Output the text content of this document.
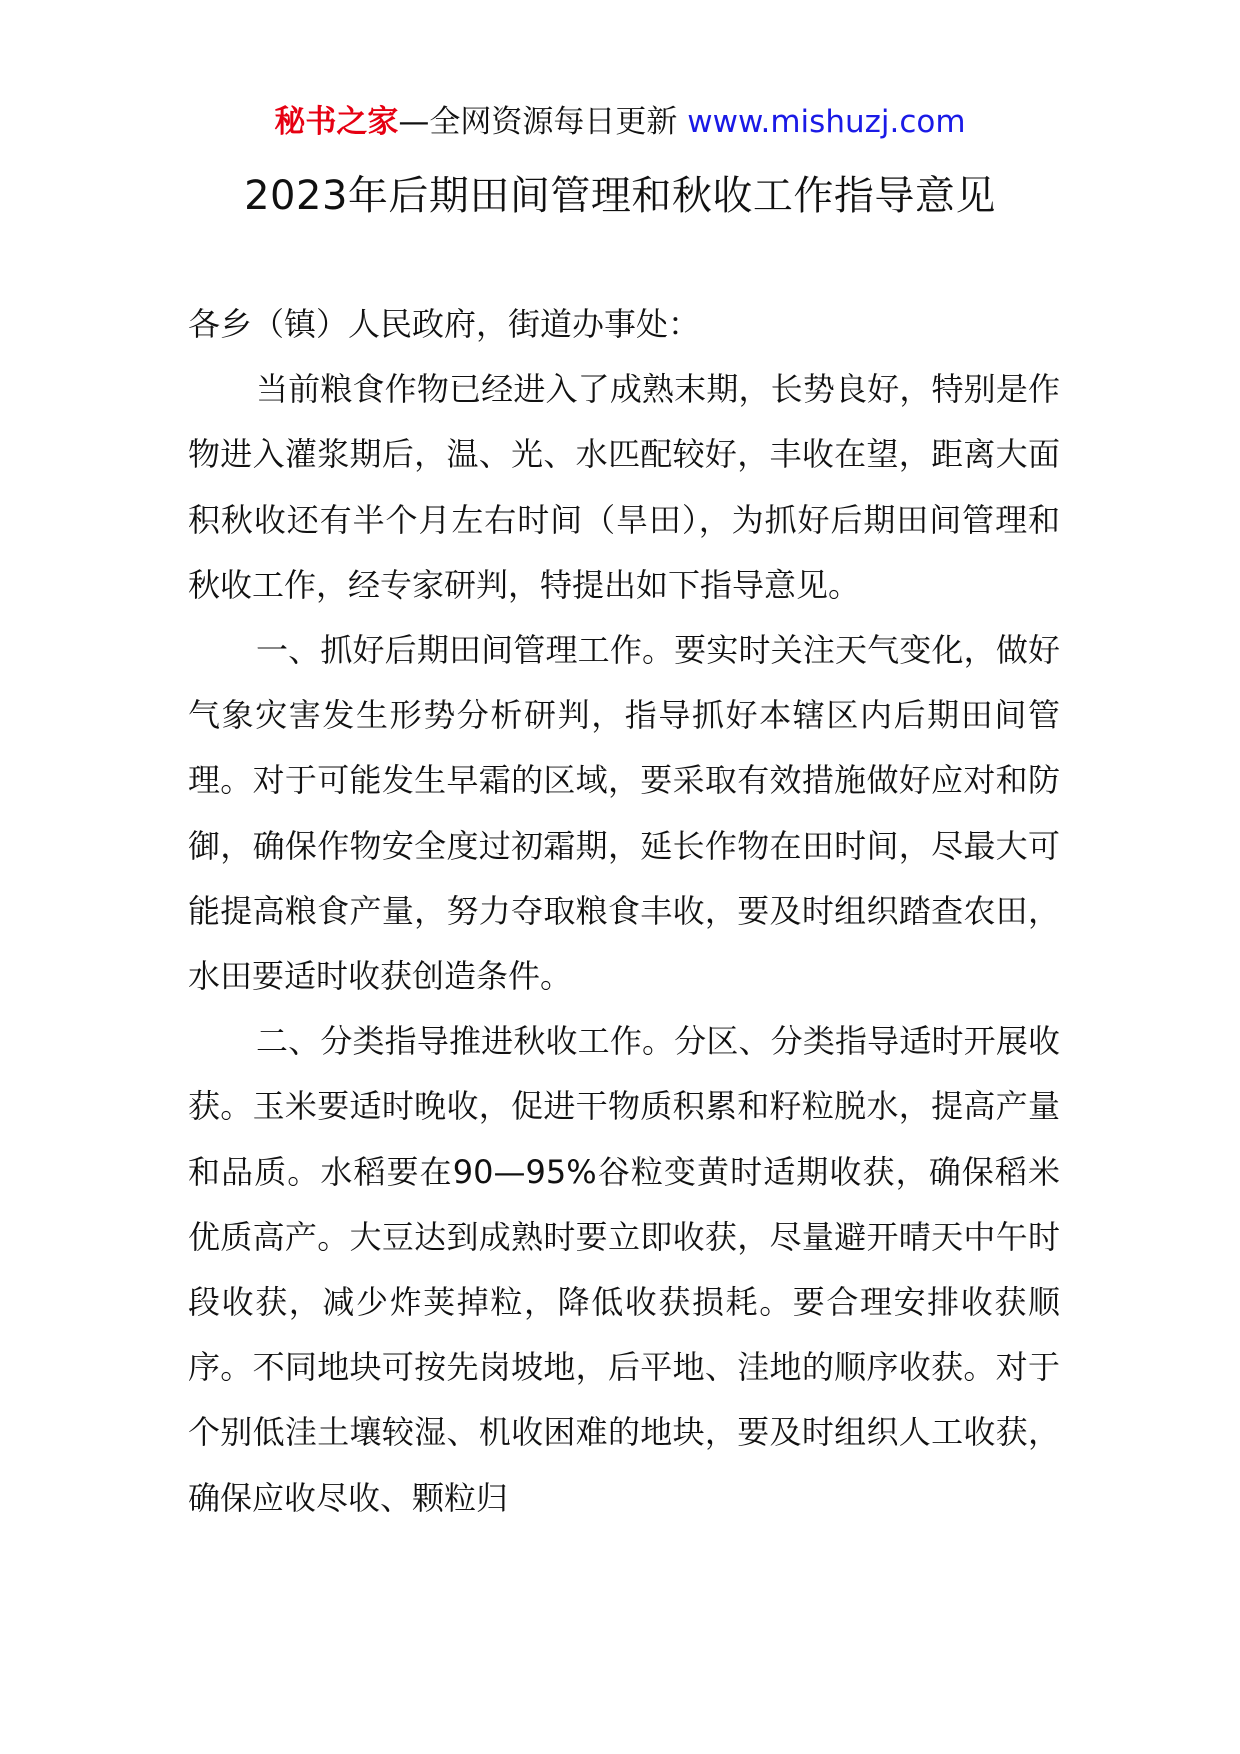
秘书之家—全网资源每日更新 www.mishuzj.com
2023年后期田间管理和秋收工作指导意见

各乡（镇）人民政府，街道办事处：

当前粮食作物已经进入了成熟末期，长势良好，特别是作物进入灌浆期后，温、光、水匹配较好，丰收在望，距离大面积秋收还有半个月左右时间（旱田），为抓好后期田间管理和秋收工作，经专家研判，特提出如下指导意见。

一、抓好后期田间管理工作。要实时关注天气变化，做好气象灾害发生形势分析研判，指导抓好本辖区内后期田间管理。对于可能发生早霜的区域，要采取有效措施做好应对和防御，确保作物安全度过初霜期，延长作物在田时间，尽最大可能提高粮食产量，努力夺取粮食丰收，要及时组织踏查农田，水田要适时收获创造条件。

二、分类指导推进秋收工作。分区、分类指导适时开展收获。玉米要适时晚收，促进干物质积累和籽粒脱水，提高产量和品质。水稻要在90—95%谷粒变黄时适期收获，确保稻米优质高产。大豆达到成熟时要立即收获，尽量避开晴天中午时段收获，减少炸荚掉粒，降低收获损耗。要合理安排收获顺序。不同地块可按先岗坡地，后平地、洼地的顺序收获。对于个别低洼土壤较湿、机收困难的地块，要及时组织人工收获，确保应收尽收、颗粒归
